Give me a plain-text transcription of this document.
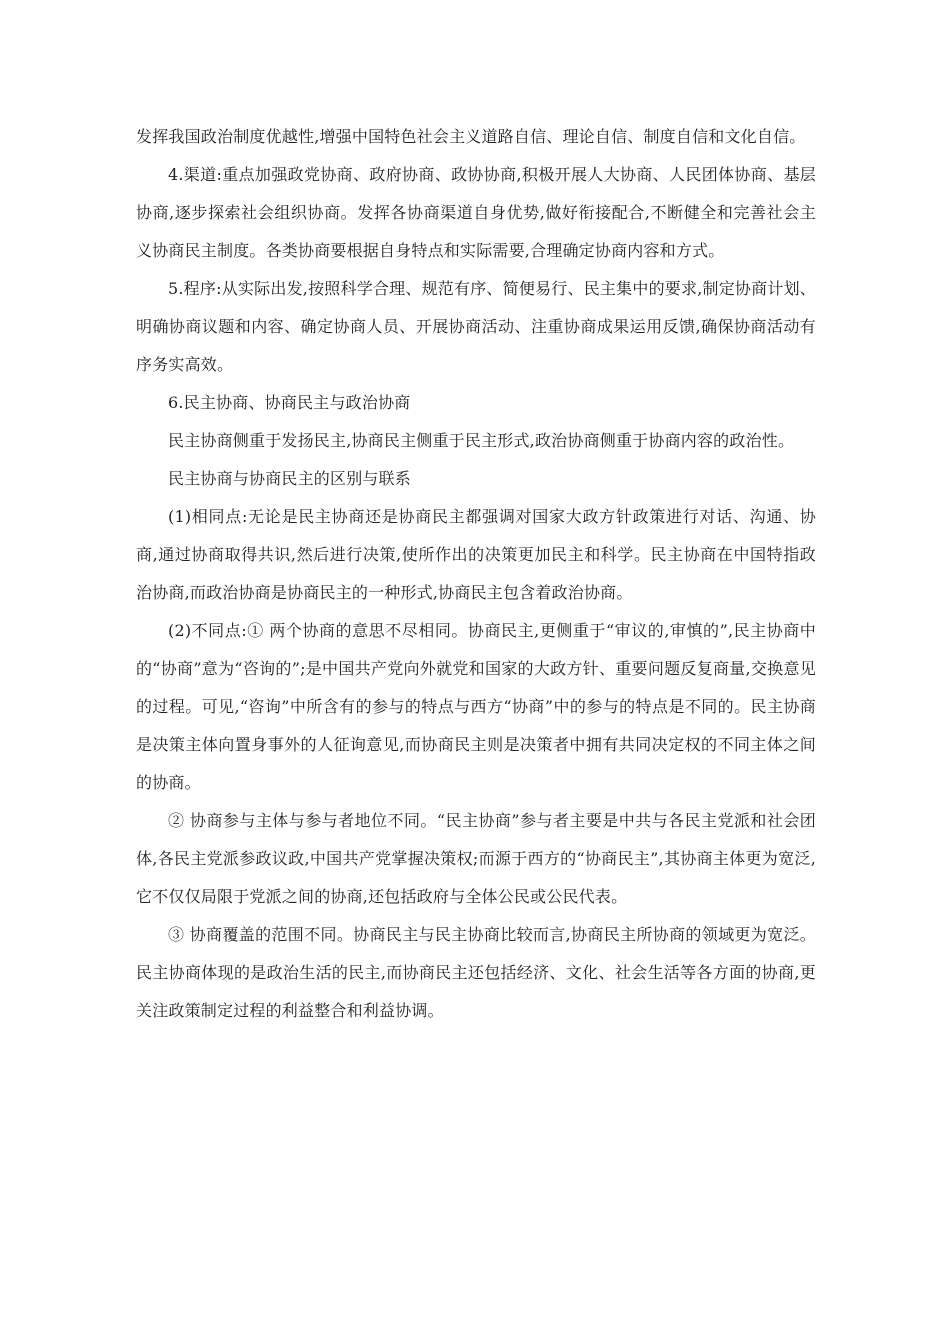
发挥我国政治制度优越性,增强中国特色社会主义道路自信、理论自信、制度自信和文化自信。

4.渠道:重点加强政党协商、政府协商、政协协商,积极开展人大协商、人民团体协商、基层协商,逐步探索社会组织协商。发挥各协商渠道自身优势,做好衔接配合,不断健全和完善社会主义协商民主制度。各类协商要根据自身特点和实际需要,合理确定协商内容和方式。

5.程序:从实际出发,按照科学合理、规范有序、简便易行、民主集中的要求,制定协商计划、明确协商议题和内容、确定协商人员、开展协商活动、注重协商成果运用反馈,确保协商活动有序务实高效。

6.民主协商、协商民主与政治协商

民主协商侧重于发扬民主,协商民主侧重于民主形式,政治协商侧重于协商内容的政治性。

民主协商与协商民主的区别与联系

(1)相同点:无论是民主协商还是协商民主都强调对国家大政方针政策进行对话、沟通、协商,通过协商取得共识,然后进行决策,使所作出的决策更加民主和科学。民主协商在中国特指政治协商,而政治协商是协商民主的一种形式,协商民主包含着政治协商。

(2)不同点:① 两个协商的意思不尽相同。协商民主,更侧重于“审议的,审慎的”,民主协商中的“协商”意为“咨询的”;是中国共产党向外就党和国家的大政方针、重要问题反复商量,交换意见的过程。可见,“咨询”中所含有的参与的特点与西方“协商”中的参与的特点是不同的。民主协商是决策主体向置身事外的人征询意见,而协商民主则是决策者中拥有共同决定权的不同主体之间的协商。

② 协商参与主体与参与者地位不同。“民主协商”参与者主要是中共与各民主党派和社会团体,各民主党派参政议政,中国共产党掌握决策权;而源于西方的“协商民主”,其协商主体更为宽泛,它不仅仅局限于党派之间的协商,还包括政府与全体公民或公民代表。

③ 协商覆盖的范围不同。协商民主与民主协商比较而言,协商民主所协商的领域更为宽泛。民主协商体现的是政治生活的民主,而协商民主还包括经济、文化、社会生活等各方面的协商,更关注政策制定过程的利益整合和利益协调。
